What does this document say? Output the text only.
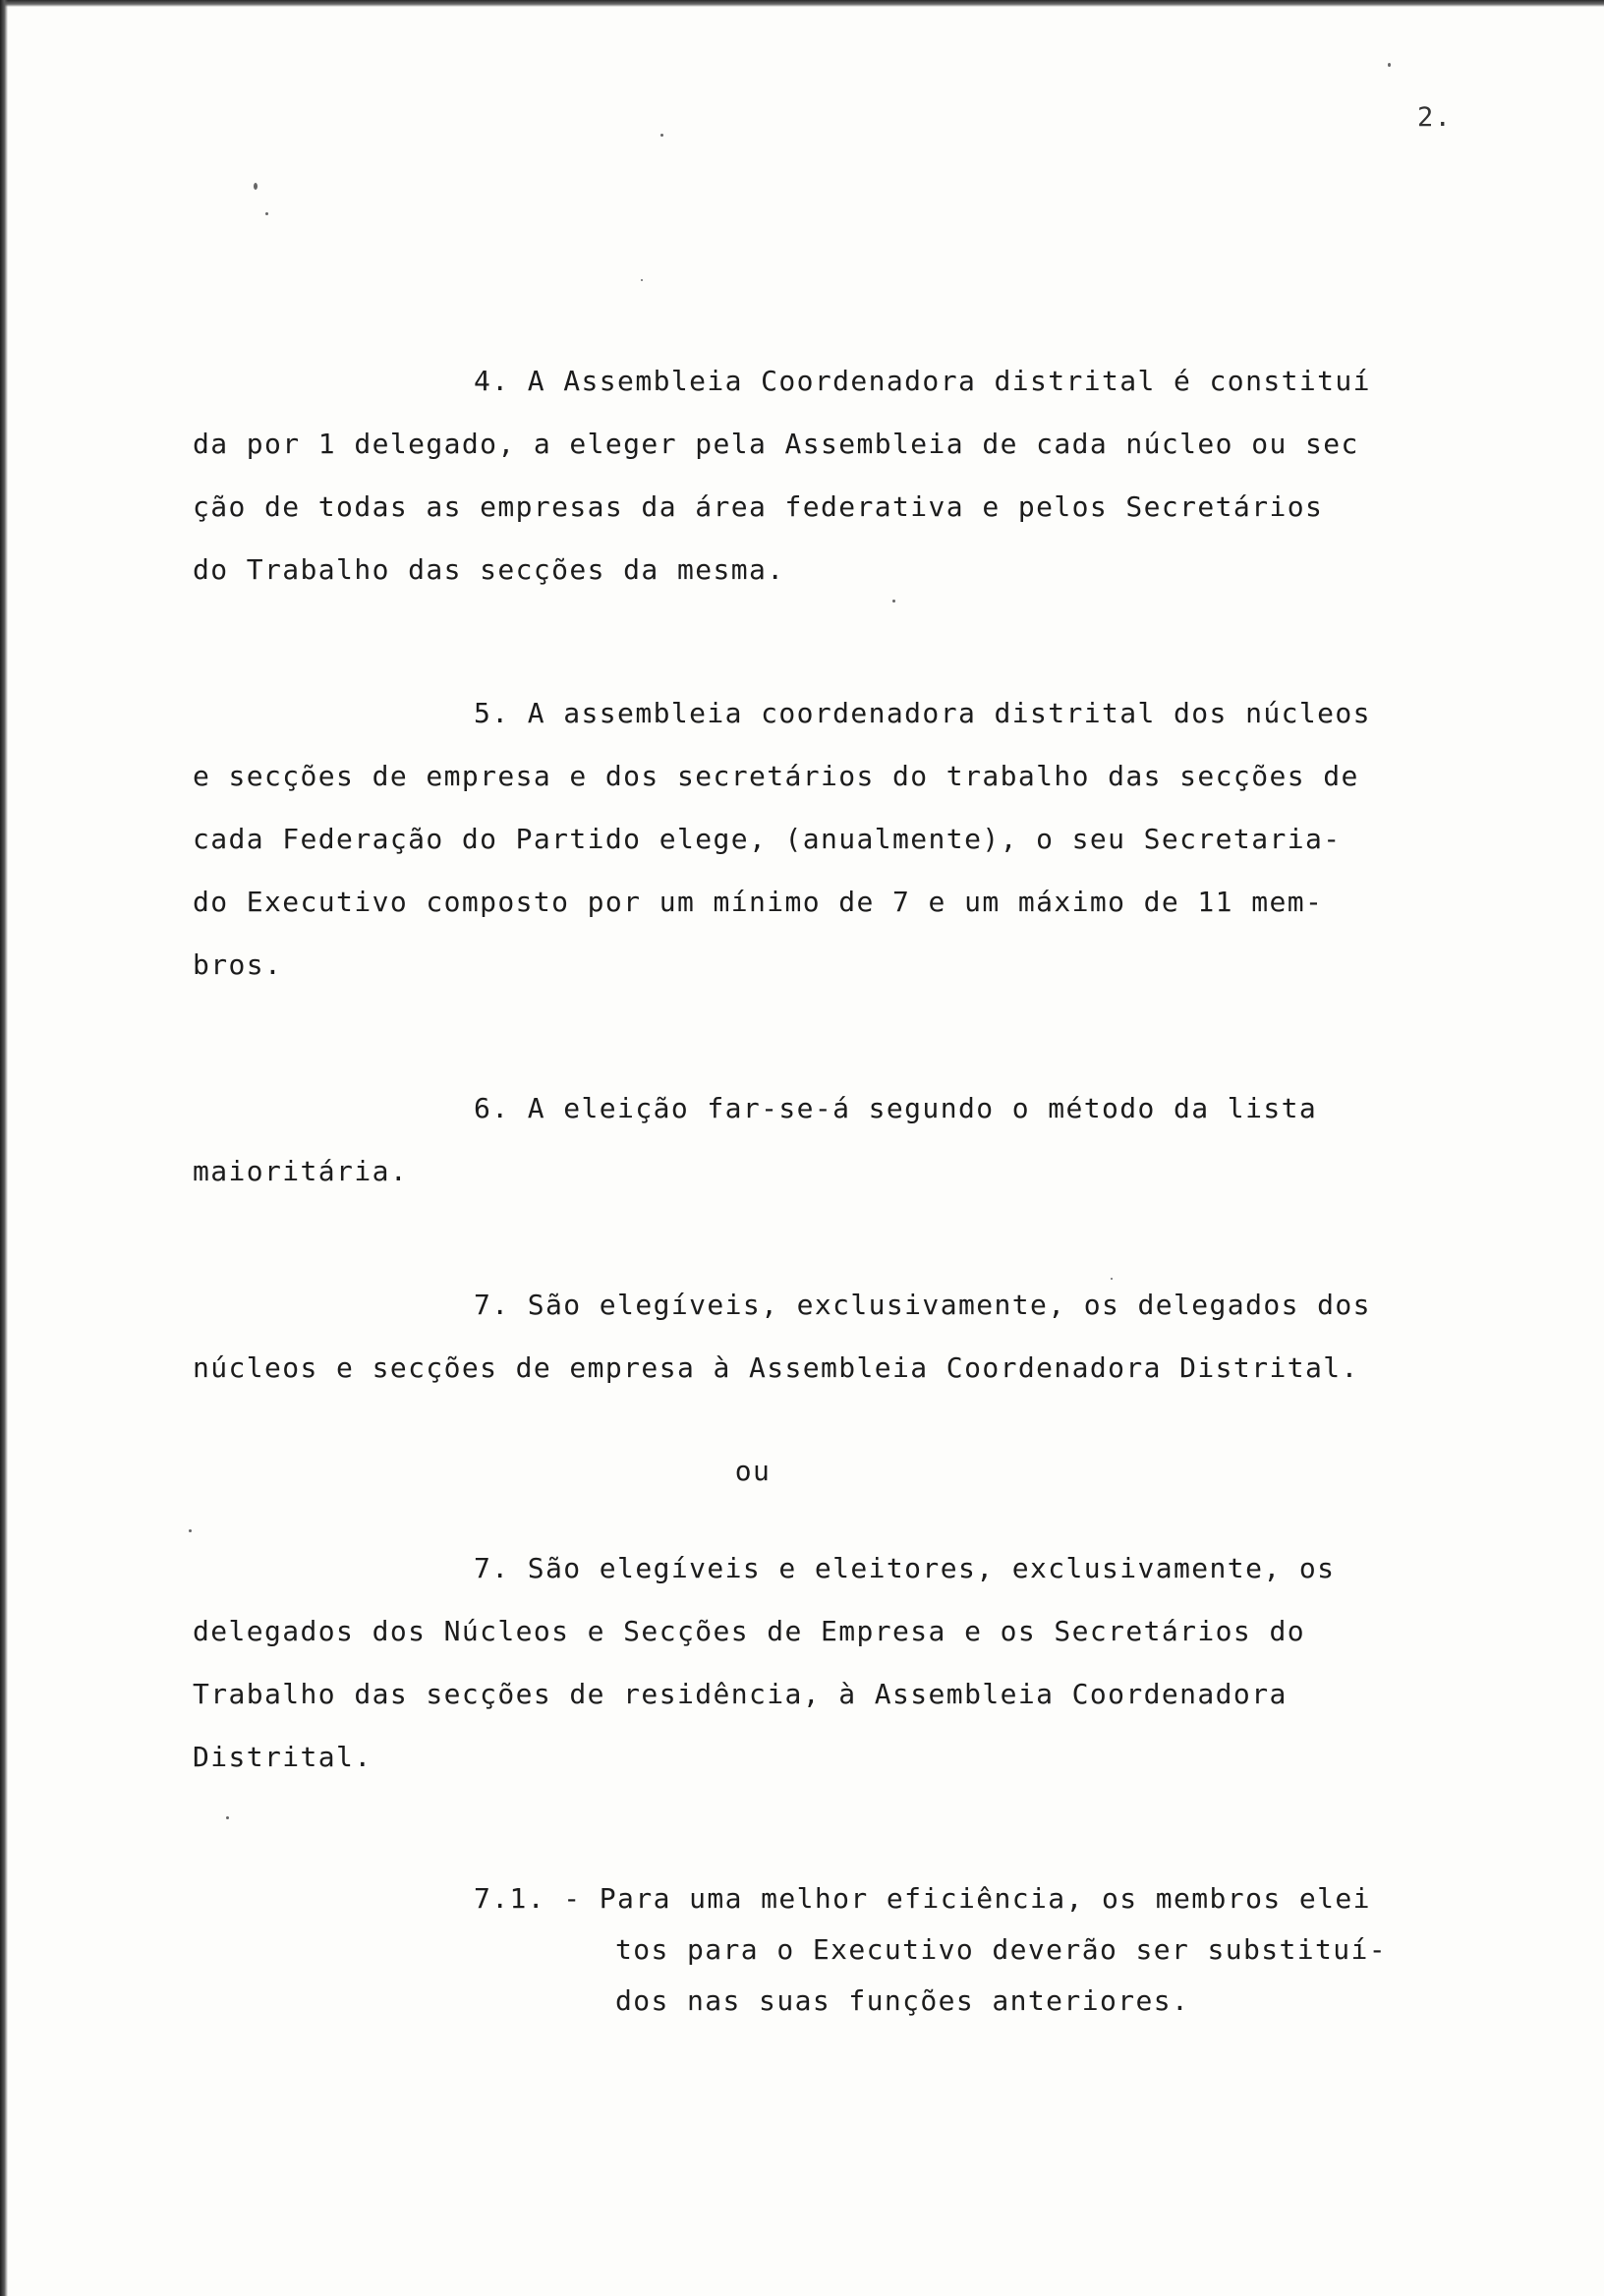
2.
4. A Assembleia Coordenadora distrital é constituí
da por 1 delegado, a eleger pela Assembleia de cada núcleo ou sec
ção de todas as empresas da área federativa e pelos Secretários
do Trabalho das secções da mesma.
5. A assembleia coordenadora distrital dos núcleos
e secções de empresa e dos secretários do trabalho das secções de
cada Federação do Partido elege, (anualmente), o seu Secretaria-
do Executivo composto por um mínimo de 7 e um máximo de 11 mem-
bros.
6. A eleição far-se-á segundo o método da lista
maioritária.
7. São elegíveis, exclusivamente, os delegados dos
núcleos e secções de empresa à Assembleia Coordenadora Distrital.
ou
7. São elegíveis e eleitores, exclusivamente, os
delegados dos Núcleos e Secções de Empresa e os Secretários do
Trabalho das secções de residência, à Assembleia Coordenadora
Distrital.
7.1. - Para uma melhor eficiência, os membros elei
tos para o Executivo deverão ser substituí-
dos nas suas funções anteriores.
